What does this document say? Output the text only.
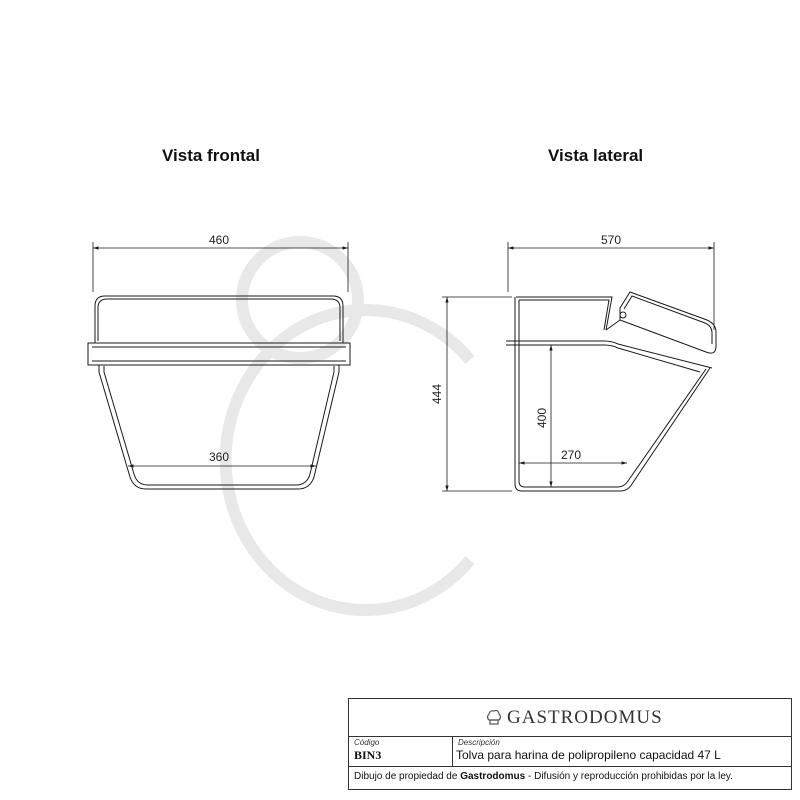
Vista frontal	Vista lateral
460
360
570
444
400
270
GASTRODOMUS
Código
BIN3
Descripción
Tolva para harina de polipropileno capacidad 47 L
Dibujo de propiedad de Gastrodomus - Difusión y reproducción prohibidas por la ley.
